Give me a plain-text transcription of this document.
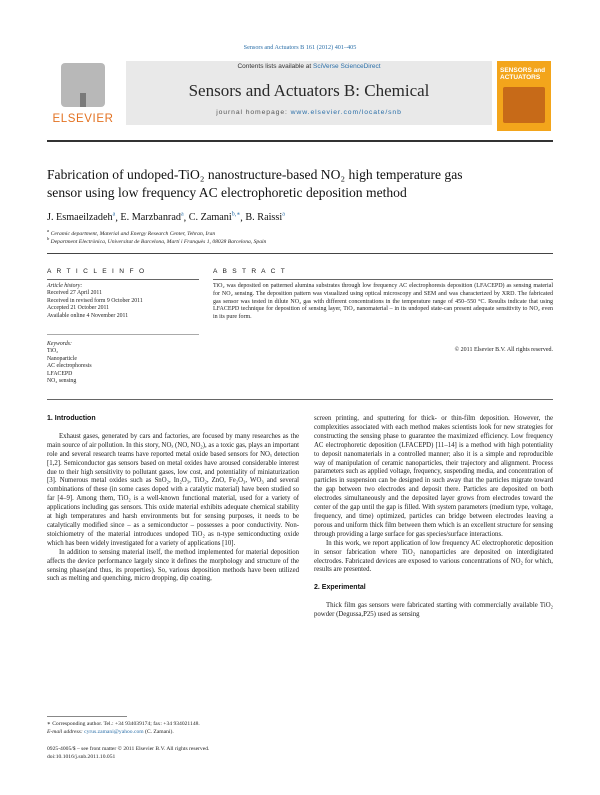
Sensors and Actuators B 161 (2012) 401–405
ELSEVIER
Contents lists available at SciVerse ScienceDirect
Sensors and Actuators B: Chemical
journal homepage: www.elsevier.com/locate/snb
SENSORS and ACTUATORS
Fabrication of undoped-TiO₂ nanostructure-based NO₂ high temperature gas
sensor using low frequency AC electrophoretic deposition method
J. Esmaeilzadeh$^a$, E. Marzbanrad$^a$, C. Zamani$^{b,∗}$, B. Raissi$^a$
$^a$ Ceramic department, Material and Energy Research Center, Tehran, Iran
$^b$ Department Electrònica, Universitat de Barcelona, Martí i Franquès 1, 08028 Barcelona, Spain
A R T I C L E I N F O
Article history:
Received 27 April 2011
Received in revised form 9 October 2011
Accepted 21 October 2011
Available online 4 November 2011
Keywords:
TiO₂
Nanoparticle
AC electrophoresis
LFACEPD
NO₂ sensing
A B S T R A C T
TiO₂ was deposited on patterned alumina substrates through low frequency AC electrophoresis deposition (LFACEPD) as sensing material for NO₂ sensing. The deposition pattern was visualized using optical microscopy and SEM and was characterized by XRD. The fabricated gas sensor was tested in dilute NO₂ gas with different concentrations in the temperature range of 450–550 °C. Results indicate that using LFACEPD technique for deposition of sensing layer, TiO₂ nanomaterial – in its undoped state-can present adequate sensitivity to NO₂ even in its pure form.
© 2011 Elsevier B.V. All rights reserved.
1. Introduction

Exhaust gases, generated by cars and factories, are focused by many researches as the main source of air pollution. In this story, NOₓ (NO, NO₂), as a toxic gas, plays an important role and several research teams have reported metal oxide based sensors for NOₓ detection [1,2]. Semiconductor gas sensors based on metal oxides have aroused considerable interest due to their high sensitivity to pollutant gases, low cost, and potentiality of miniaturization [3]. Numerous metal oxides such as SnO₂, In₂O₃, TiO₂, ZnO, Fe₂O₃, WO₃ and several combinations of these (in some cases doped with a catalytic material) have been studied so far [4–9]. Among them, TiO₂ is a well-known functional material, used for a variety of applications including gas sensors. This oxide material exhibits adequate chemical stability at high temperatures and harsh environments but for sensing purposes, it needs to be catalytically modified since – as a semiconductor – possesses a poor conductivity. Non-stoichiometry of the material introduces undoped TiO₂ as n-type semiconducting oxide which has been widely investigated for a variety of applications [10].

In addition to sensing material itself, the method implemented for material deposition affects the device performance largely since it defines the morphology and structure of the sensing phase(and thus, its properties). So, various deposition methods have been utilized such as melting and quenching, micro dropping, dip coating,

screen printing, and sputtering for thick- or thin-film deposition. However, the complexities associated with each method makes scientists look for new strategies for constructing the sensing phase to guarantee the maximized efficiency. Low frequency AC electrophoretic deposition (LFACEPD) [11–14] is a method with high potentiality to deposit nanomaterials in a controlled manner; also it is a simple and reproducible way of manipulation of ceramic nanoparticles, their trajectory and alignment. Process parameters such as applied voltage, frequency, suspending media, and concentration of particles in suspension can be designed in such away that the particles migrate toward the gap between two electrodes and deposit there. Particles are deposited on both electrodes simultaneously and the deposited layer grows from electrodes toward the center of the gap until the gap is filled. With system parameters (medium type, voltage, frequency, and time) optimized, particles can bridge between electrodes leaving a porous and uniform thick film between them which is an excellent structure for sensing through providing a large surface for gas species/surface interactions.

In this work, we report application of low frequency AC electrophoretic deposition in sensor fabrication where TiO₂ nanoparticles are deposited on interdigitated electrodes. Fabricated devices are exposed to various concentrations of NO₂ for which, results are presented.

2. Experimental

Thick film gas sensors were fabricated starting with commercially available TiO₂ powder (Degussa,P25) used as sensing

∗ Corresponding author. Tel.: +34 934039174; fax: +34 934021148.
E-mail address: cyrus.zamani@yahoo.com (C. Zamani).
0925-4005/$ – see front matter © 2011 Elsevier B.V. All rights reserved.
doi:10.1016/j.snb.2011.10.051
